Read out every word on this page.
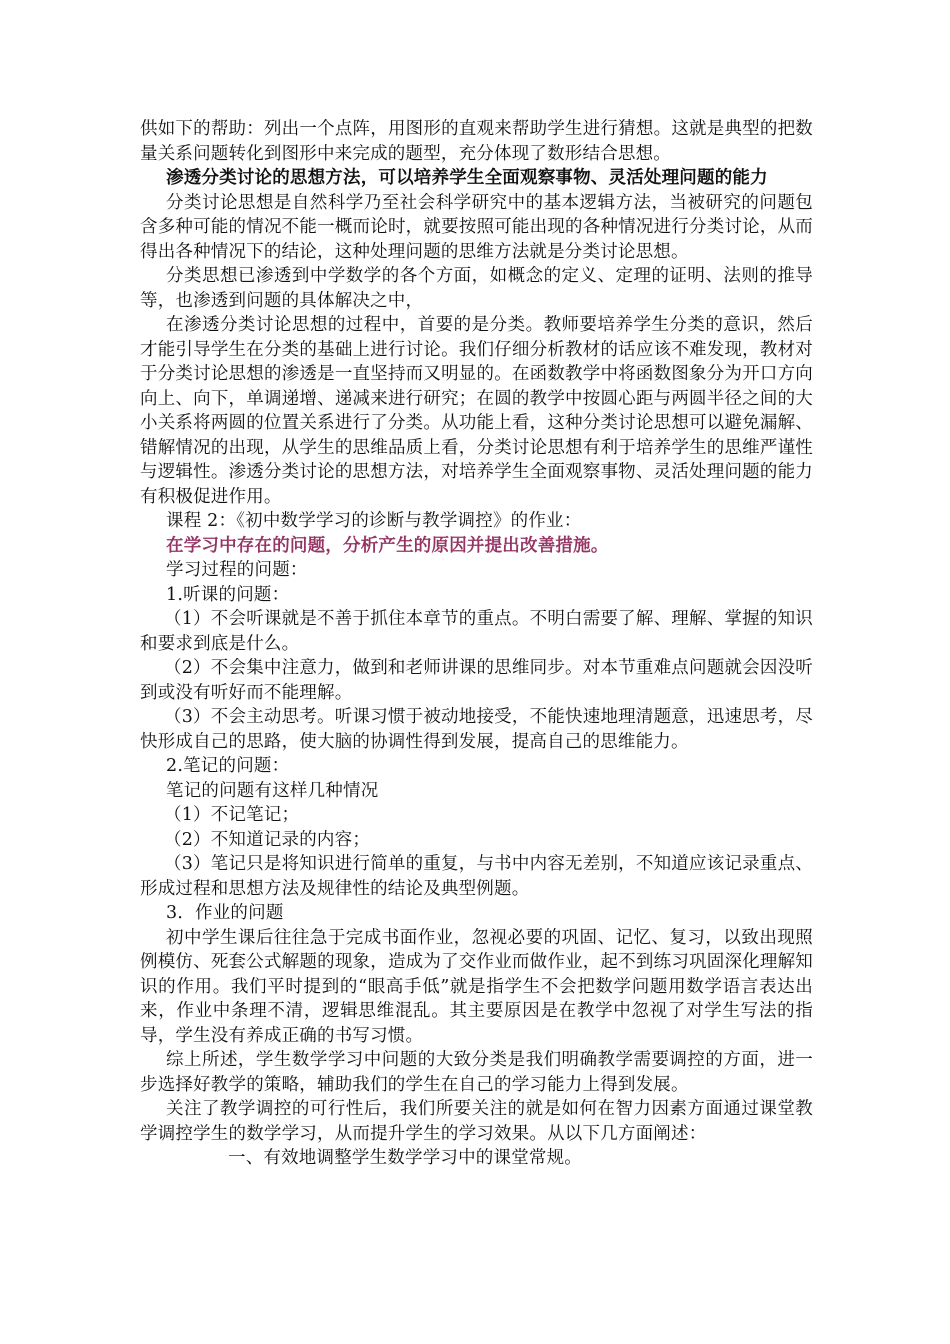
供如下的帮助：列出一个点阵，用图形的直观来帮助学生进行猜想。这就是典型的把数量关系问题转化到图形中来完成的题型，充分体现了数形结合思想。

渗透分类讨论的思想方法，可以培养学生全面观察事物、灵活处理问题的能力

分类讨论思想是自然科学乃至社会科学研究中的基本逻辑方法，当被研究的问题包含多种可能的情况不能一概而论时，就要按照可能出现的各种情况进行分类讨论，从而得出各种情况下的结论，这种处理问题的思维方法就是分类讨论思想。

分类思想已渗透到中学数学的各个方面，如概念的定义、定理的证明、法则的推导等，也渗透到问题的具体解决之中，

在渗透分类讨论思想的过程中，首要的是分类。教师要培养学生分类的意识，然后才能引导学生在分类的基础上进行讨论。我们仔细分析教材的话应该不难发现，教材对于分类讨论思想的渗透是一直坚持而又明显的。在函数教学中将函数图象分为开口方向向上、向下，单调递增、递减来进行研究；在圆的教学中按圆心距与两圆半径之间的大小关系将两圆的位置关系进行了分类。从功能上看，这种分类讨论思想可以避免漏解、错解情况的出现，从学生的思维品质上看，分类讨论思想有利于培养学生的思维严谨性与逻辑性。渗透分类讨论的思想方法，对培养学生全面观察事物、灵活处理问题的能力有积极促进作用。

课程 2：《初中数学学习的诊断与教学调控》的作业：

在学习中存在的问题，分析产生的原因并提出改善措施。

学习过程的问题：

1.听课的问题：

（1）不会听课就是不善于抓住本章节的重点。不明白需要了解、理解、掌握的知识和要求到底是什么。

（2）不会集中注意力，做到和老师讲课的思维同步。对本节重难点问题就会因没听到或没有听好而不能理解。

（3）不会主动思考。听课习惯于被动地接受，不能快速地理清题意，迅速思考，尽快形成自己的思路，使大脑的协调性得到发展，提高自己的思维能力。

2.笔记的问题：

笔记的问题有这样几种情况

（1）不记笔记；

（2）不知道记录的内容；

（3）笔记只是将知识进行简单的重复，与书中内容无差别，不知道应该记录重点、形成过程和思想方法及规律性的结论及典型例题。

3．作业的问题

初中学生课后往往急于完成书面作业，忽视必要的巩固、记忆、复习，以致出现照例模仿、死套公式解题的现象，造成为了交作业而做作业，起不到练习巩固深化理解知识的作用。我们平时提到的“眼高手低”就是指学生不会把数学问题用数学语言表达出来，作业中条理不清，逻辑思维混乱。其主要原因是在教学中忽视了对学生写法的指导，学生没有养成正确的书写习惯。

综上所述，学生数学学习中问题的大致分类是我们明确教学需要调控的方面，进一步选择好教学的策略，辅助我们的学生在自己的学习能力上得到发展。

关注了教学调控的可行性后，我们所要关注的就是如何在智力因素方面通过课堂教学调控学生的数学学习，从而提升学生的学习效果。从以下几方面阐述：

一、有效地调整学生数学学习中的课堂常规。
